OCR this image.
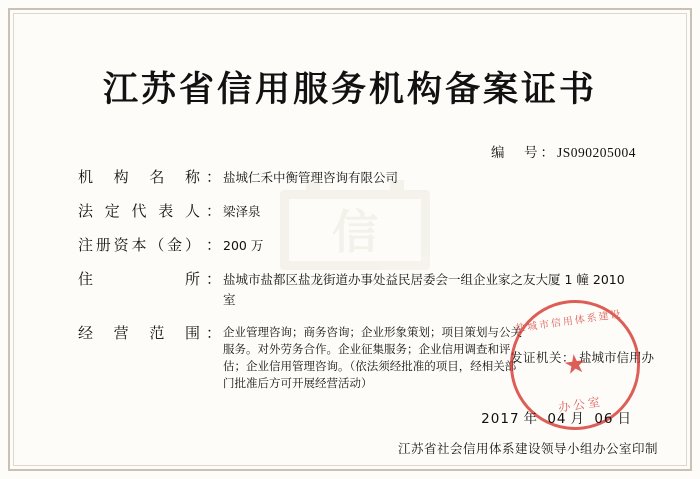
信
江苏省信用服务机构备案证书
编　号：JS090205004
机构名称 ： 盐城仁禾中衡管理咨询有限公司
法定代表人 ： 梁泽泉
注册资本（金） ： 200 万
住所 ： 盐城市盐都区盐龙街道办事处益民居委会一组企业家之友大厦 1 幢 2010 室
经营范围 ： 企业管理咨询；商务咨询；企业形象策划；项目策划与公关服务。对外劳务合作。企业征集服务；企业信用调查和评估；企业信用管理咨询。（依法须经批准的项目，经相关部门批准后方可开展经营活动）
发证机关： 盐城市信用办
盐城市信用体系建设
★
办公室
2017 年 04 月 06 日
江苏省社会信用体系建设领导小组办公室印制
